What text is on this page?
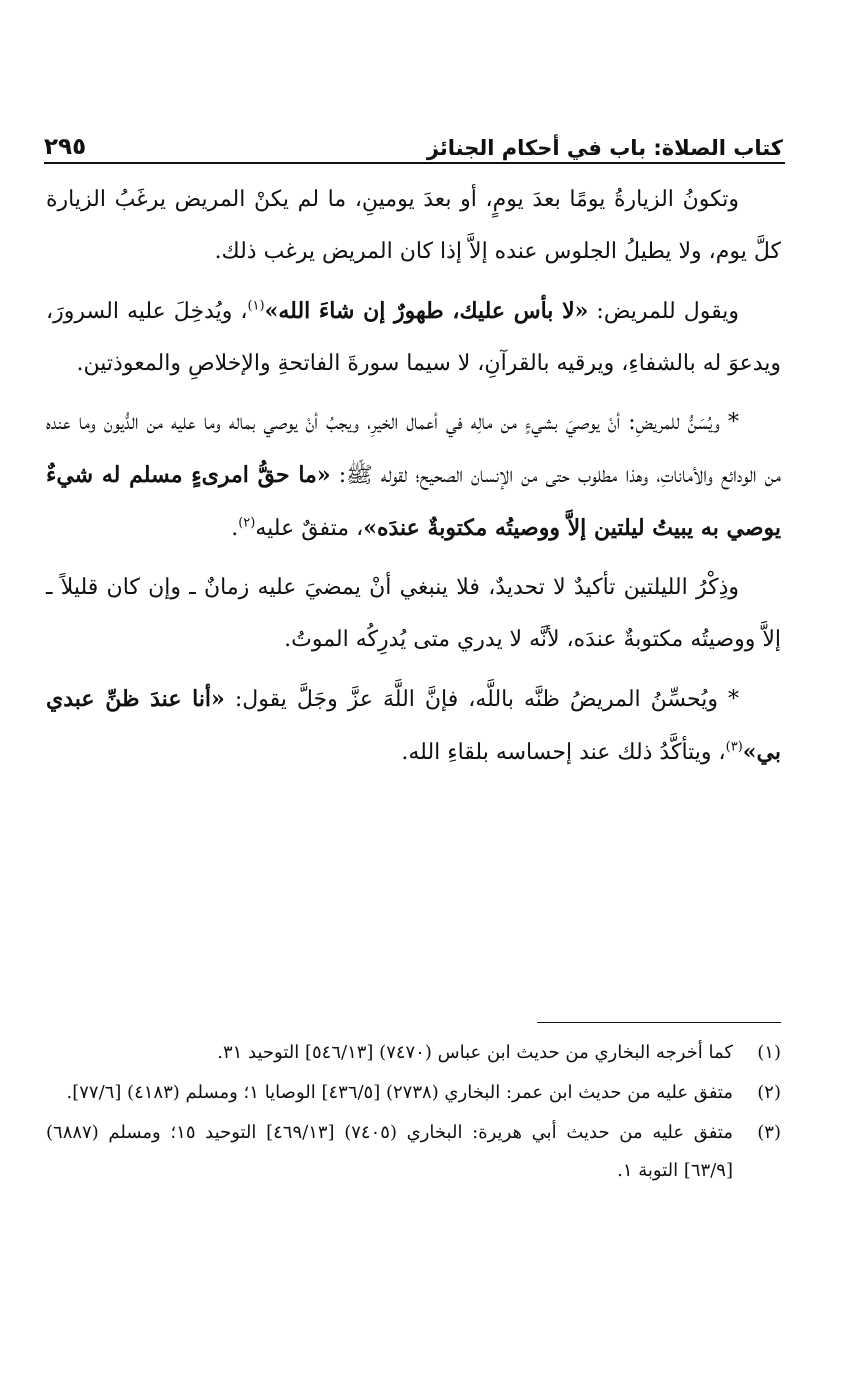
كتاب الصلاة: باب في أحكام الجنائز
٢٩٥

وتكونُ الزيارةُ يومًا بعدَ يومٍ، أو بعدَ يومينِ، ما لم يكنْ المريض يرغَبُ الزيارة كلَّ يوم، ولا يطيلُ الجلوس عنده إلاَّ إذا كان المريض يرغب ذلك.

ويقول للمريض: «لا بأس عليك، طهورٌ إن شاءَ الله»$^{(١)}$، ويُدخِلَ عليه السرورَ، ويدعوَ له بالشفاءِ، ويرقيه بالقرآنِ، لا سيما سورةَ الفاتحةِ والإخلاصِ والمعوذتين.

* ويُسَنُّ للمريضِ: أنْ يوصيَ بشيءٍ من مالِه في أعمال الخيرِ، ويجبُ أنْ يوصي بماله وما عليه من الدُّيون وما عنده من الودائع والأماناتِ، وهذا مطلوب حتى من الإنسان الصحيح؛ لقوله ﷺ: «ما حقُّ امرىءٍ مسلم له شيءٌ يوصي به يبيتُ ليلتين إلاَّ ووصيتُه مكتوبةٌ عندَه»، متفقٌ عليه$^{(٢)}$.

وذِكْرُ الليلتين تأكيدٌ لا تحديدٌ، فلا ينبغي أنْ يمضيَ عليه زمانٌ ـ وإن كان قليلاً ـ إلاَّ ووصيتُه مكتوبةٌ عندَه، لأنَّه لا يدري متى يُدرِكُه الموتُ.

* ويُحسِّنُ المريضُ ظنَّه باللَّه، فإنَّ اللَّهَ عزَّ وجَلَّ يقول: «أنا عندَ ظنِّ عبدي بي»$^{(٣)}$، ويتأكَّدُ ذلك عند إحساسه بلقاءِ الله.

(١)
كما أخرجه البخاري من حديث ابن عباس (٧٤٧٠) [٥٤٦/١٣] التوحيد ٣١.
(٢)
متفق عليه من حديث ابن عمر: البخاري (٢٧٣٨) [٤٣٦/٥] الوصايا ١؛ ومسلم (٤١٨٣) [٧٧/٦].
(٣)
متفق عليه من حديث أبي هريرة: البخاري (٧٤٠٥) [٤٦٩/١٣] التوحيد ١٥؛ ومسلم (٦٨٨٧) [٦٣/٩] التوبة ١.
